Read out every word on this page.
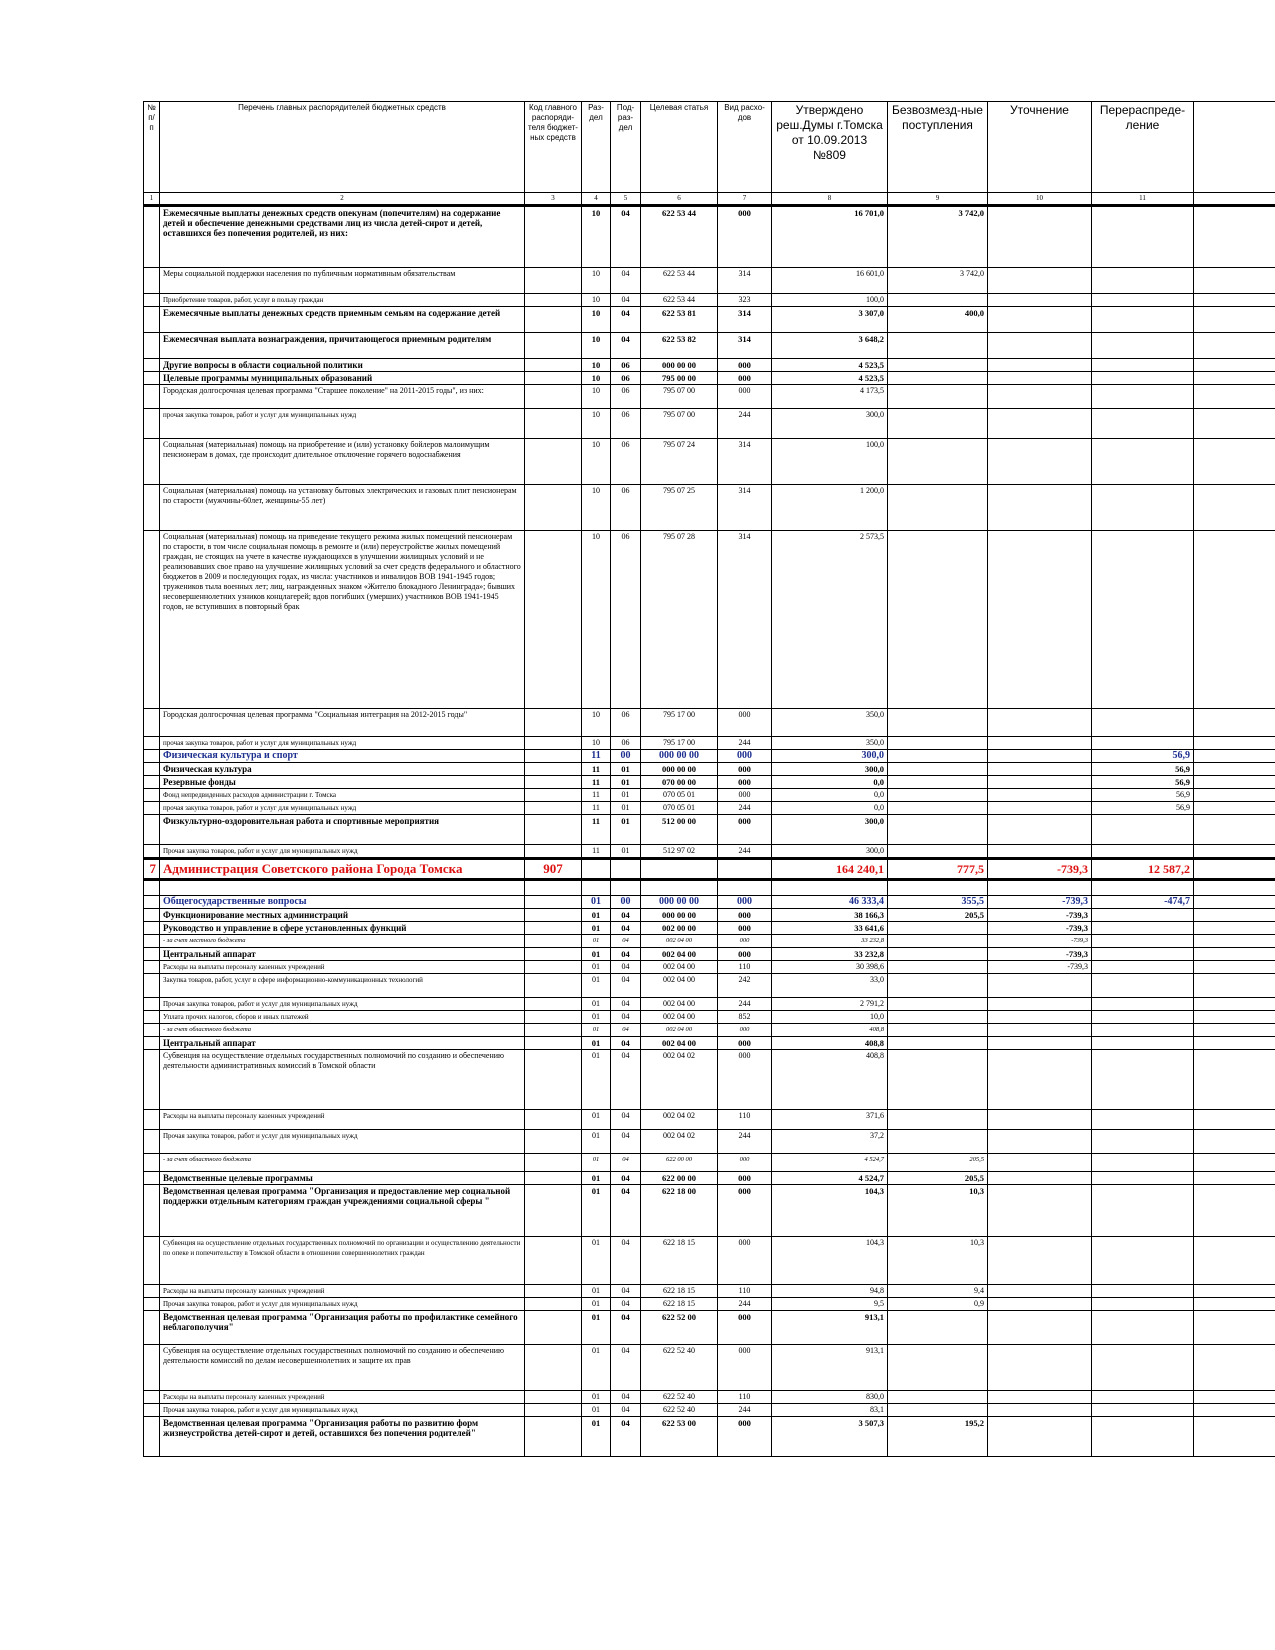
№ п/п	Перечень главных распорядителей бюджетных средств	Код главного распоряди-теля бюджет-ных средств	Раз-дел	Под-раз-дел	Целевая статья	Вид расхо-дов	Утверждено реш.Думы г.Томска от 10.09.2013 №809	Безвозмезд-ные поступления	Уточнение	Перераспреде-ление	
1	2	3	4	5	6	7	8	9	10	11	
	Ежемесячные выплаты денежных средств опекунам (попечителям) на содержание детей и обеспечение денежными средствами лиц из числа детей-сирот и детей, оставшихся без попечения родителей, из них:		10	04	622 53 44	000	16 701,0	3 742,0			
	Меры социальной поддержки населения по публичным нормативным обязательствам		10	04	622 53 44	314	16 601,0	3 742,0			
	Приобретение товаров, работ, услуг в пользу граждан		10	04	622 53 44	323	100,0				
	Ежемесячные выплаты денежных средств приемным семьям на содержание детей		10	04	622 53 81	314	3 307,0	400,0			
	Ежемесячная выплата вознаграждения, причитающегося приемным родителям		10	04	622 53 82	314	3 648,2				
	Другие вопросы в области социальной политики		10	06	000 00 00	000	4 523,5				
	Целевые программы муниципальных образований		10	06	795 00 00	000	4 523,5				
	Городская долгосрочная целевая программа "Старшее поколение" на 2011-2015 годы", из них:		10	06	795 07 00	000	4 173,5				
	прочая закупка товаров, работ и услуг для муниципальных нужд		10	06	795 07 00	244	300,0				
	Социальная (материальная) помощь на приобретение и (или) установку бойлеров малоимущим пенсионерам в домах, где происходит длительное отключение горячего водоснабжения		10	06	795 07 24	314	100,0				
	Социальная (материальная) помощь на установку бытовых электрических и газовых плит пенсионерам по старости (мужчины-60лет, женщины-55 лет)		10	06	795 07 25	314	1 200,0				
	Социальная (материальная) помощь на приведение текущего режима жилых помещений пенсионерам по старости, в том числе социальная помощь в ремонте и (или) переустройстве жилых помещений граждан, не стоящих на учете в качестве нуждающихся в улучшении жилищных условий и не реализовавших свое право на улучшение жилищных условий за счет средств федерального и областного бюджетов в 2009 и последующих годах, из числа: участников и инвалидов ВОВ 1941-1945 годов; тружеников тыла военных лет; лиц, награжденных знаком «Жителю блокадного Ленинграда»; бывших несовершеннолетних узников концлагерей; вдов погибших (умерших) участников ВОВ 1941-1945 годов, не вступивших в повторный брак		10	06	795 07 28	314	2 573,5				
	Городская долгосрочная целевая программа "Социальная интеграция на 2012-2015 годы"		10	06	795 17 00	000	350,0				
	прочая закупка товаров, работ и услуг для муниципальных нужд		10	06	795 17 00	244	350,0				
	Физическая культура и спорт		11	00	000 00 00	000	300,0			56,9	
	Физическая культура		11	01	000 00 00	000	300,0			56,9	
	Резервные фонды		11	01	070 00 00	000	0,0			56,9	
	Фонд непредвиденных расходов администрации г. Томска		11	01	070 05 01	000	0,0			56,9	
	прочая закупка товаров, работ и услуг для муниципальных нужд		11	01	070 05 01	244	0,0			56,9	
	Физкультурно-оздоровительная работа и спортивные мероприятия		11	01	512 00 00	000	300,0				
	Прочая закупка товаров, работ и услуг для муниципальных нужд		11	01	512 97 02	244	300,0				
7	Администрация Советского района Города Томска	907					164 240,1	777,5	-739,3	12 587,2	

	Общегосударственные вопросы		01	00	000 00 00	000	46 333,4	355,5	-739,3	-474,7	
	Функционирование местных администраций		01	04	000 00 00	000	38 166,3	205,5	-739,3		
	Руководство и управление в сфере установленных функций		01	04	002 00 00	000	33 641,6		-739,3		
	- за счет местного бюджета		01	04	002 04 00	000	33 232,8		-739,3		
	Центральный аппарат		01	04	002 04 00	000	33 232,8		-739,3		
	Расходы на выплаты персоналу казенных учреждений		01	04	002 04 00	110	30 398,6		-739,3		
	Закупка товаров, работ, услуг в сфере информационно-коммуникационных технологий		01	04	002 04 00	242	33,0				
	Прочая закупка товаров, работ и услуг для муниципальных нужд		01	04	002 04 00	244	2 791,2				
	Уплата прочих налогов, сборов и иных платежей		01	04	002 04 00	852	10,0				
	- за счет областного бюджета		01	04	002 04 00	000	408,8				
	Центральный аппарат		01	04	002 04 00	000	408,8				
	Субвенция на осуществление отдельных государственных полномочий по созданию и обеспечению деятельности административных комиссий в Томской области		01	04	002 04 02	000	408,8				
	Расходы на выплаты персоналу казенных учреждений		01	04	002 04 02	110	371,6				
	Прочая закупка товаров, работ и услуг для муниципальных нужд		01	04	002 04 02	244	37,2				
	- за счет областного бюджета		01	04	622 00 00	000	4 524,7	205,5			
	Ведомственные целевые программы		01	04	622 00 00	000	4 524,7	205,5			
	Ведомственная целевая программа "Организация и предоставление мер социальной поддержки отдельным категориям граждан учреждениями социальной сферы "		01	04	622 18 00	000	104,3	10,3			
	Субвенция на осуществление отдельных государственных полномочий по организации и осуществлению деятельности по опеке и попечительству в Томской области в отношении совершеннолетних граждан		01	04	622 18 15	000	104,3	10,3			
	Расходы на выплаты персоналу казенных учреждений		01	04	622 18 15	110	94,8	9,4			
	Прочая закупка товаров, работ и услуг для муниципальных нужд		01	04	622 18 15	244	9,5	0,9			
	Ведомственная целевая программа "Организация работы по профилактике семейного неблагополучия"		01	04	622 52 00	000	913,1				
	Субвенция на осуществление отдельных государственных полномочий по созданию и обеспечению деятельности комиссий по делам несовершеннолетних и защите их прав		01	04	622 52 40	000	913,1				
	Расходы на выплаты персоналу казенных учреждений		01	04	622 52 40	110	830,0				
	Прочая закупка товаров, работ и услуг для муниципальных нужд		01	04	622 52 40	244	83,1				
	Ведомственная целевая программа "Организация работы по развитию форм жизнеустройства детей-сирот и детей, оставшихся без попечения родителей"		01	04	622 53 00	000	3 507,3	195,2			
